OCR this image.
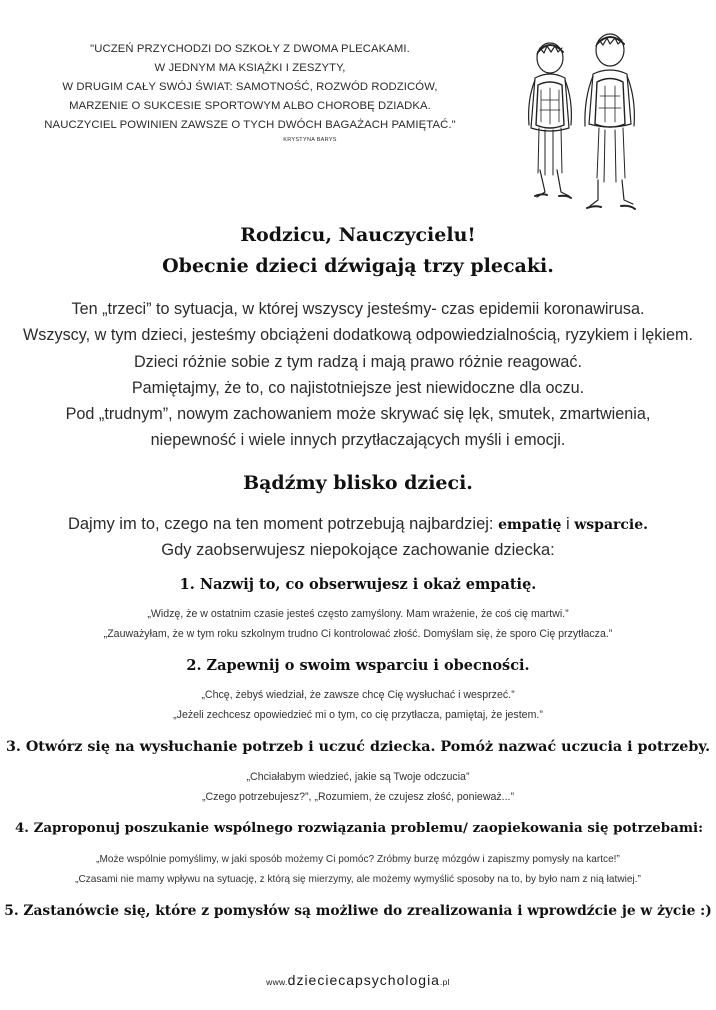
"UCZEŃ PRZYCHODZI DO SZKOŁY Z DWOMA PLECAKAMI.
W JEDNYM MA KSIĄŻKI I ZESZYTY,
W DRUGIM CAŁY SWÓJ ŚWIAT: SAMOTNOŚĆ, ROZWÓD RODZICÓW,
MARZENIE O SUKCESIE SPORTOWYM ALBO CHOROBĘ DZIADKA.
NAUCZYCIEL POWINIEN ZAWSZE O TYCH DWÓCH BAGAŻACH PAMIĘTAĆ."
KRYSTYNA BARYS
Rodzicu, Nauczycielu!
Obecnie dzieci dźwigają trzy plecaki.
Ten „trzeci” to sytuacja, w której wszyscy jesteśmy- czas epidemii koronawirusa.
Wszyscy, w tym dzieci, jesteśmy obciążeni dodatkową odpowiedzialnością, ryzykiem i lękiem.
Dzieci różnie sobie z tym radzą i mają prawo różnie reagować.
Pamiętajmy, że to, co najistotniejsze jest niewidoczne dla oczu.
Pod „trudnym”, nowym zachowaniem może skrywać się lęk, smutek, zmartwienia,
niepewność i wiele innych przytłaczających myśli i emocji.
Bądźmy blisko dzieci.
Dajmy im to, czego na ten moment potrzebują najbardziej: empatię i wsparcie.
Gdy zaobserwujesz niepokojące zachowanie dziecka:
1. Nazwij to, co obserwujesz i okaż empatię.
„Widzę, że w ostatnim czasie jesteś często zamyślony. Mam wrażenie, że coś cię martwi.”
„Zauważyłam, że w tym roku szkolnym trudno Ci kontrolować złość. Domyślam się, że sporo Cię przytłacza.”
2. Zapewnij o swoim wsparciu i obecności.
„Chcę, żebyś wiedział, że zawsze chcę Cię wysłuchać i wesprzeć.”
„Jeżeli zechcesz opowiedzieć mi o tym, co cię przytłacza, pamiętaj, że jestem.”
3. Otwórz się na wysłuchanie potrzeb i uczuć dziecka. Pomóż nazwać uczucia i potrzeby.
„Chciałabym wiedzieć, jakie są Twoje odczucia”
„Czego potrzebujesz?”, „Rozumiem, że czujesz złość, ponieważ...”
4. Zaproponuj poszukanie wspólnego rozwiązania problemu/ zaopiekowania się potrzebami:
„Może wspólnie pomyślimy, w jaki sposób możemy Ci pomóc? Zróbmy burzę mózgów i zapiszmy pomysły na kartce!”
„Czasami nie mamy wpływu na sytuację, z którą się mierzymy, ale możemy wymyślić sposoby na to, by było nam z nią łatwiej.”
5. Zastanówcie się, które z pomysłów są możliwe do zrealizowania i wprowdźcie je w życie :)
www.dzieciecapsychologia.pl
